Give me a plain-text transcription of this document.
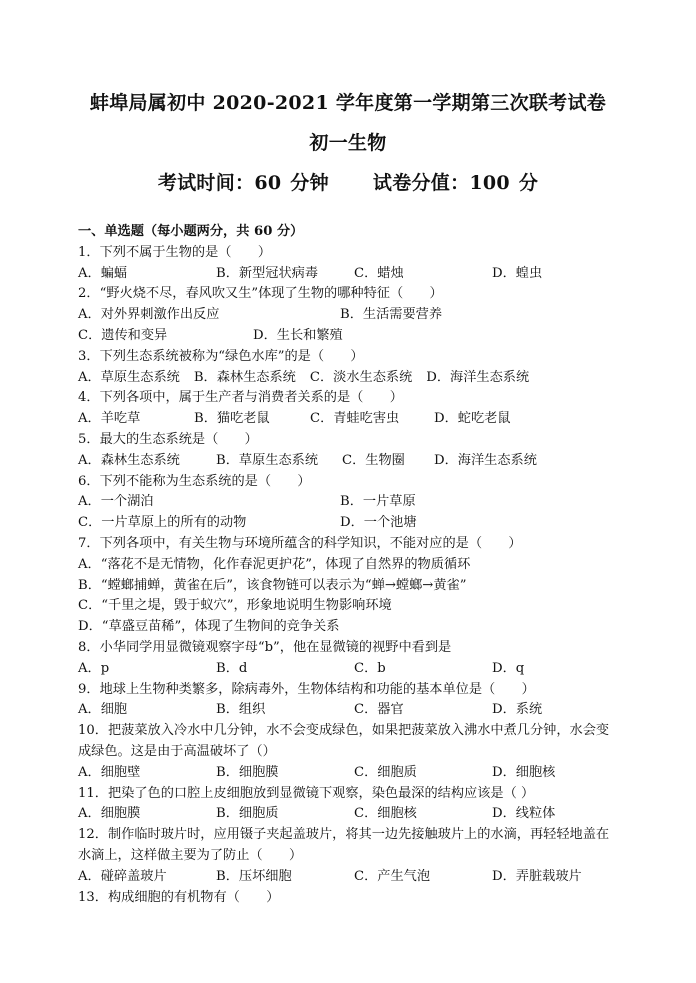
蚌埠局属初中 2020-2021 学年度第一学期第三次联考试卷
初一生物
考试时间：60 分钟 试卷分值：100 分
一、单选题（每小题两分，共 60 分）
1．下列不属于生物的是（　　）
A．蝙蝠	B．新型冠状病毒	C．蜡烛	D．蝗虫
2．“野火烧不尽，春风吹又生”体现了生物的哪种特征（　　）
A．对外界刺激作出反应	B．生活需要营养
C．遗传和变异	D．生长和繁殖
3．下列生态系统被称为“绿色水库”的是（　　）
A．草原生态系统	B．森林生态系统	C．淡水生态系统	D．海洋生态系统
4．下列各项中，属于生产者与消费者关系的是（　　）
A．羊吃草	B．猫吃老鼠	C．青蛙吃害虫	D．蛇吃老鼠
5．最大的生态系统是（　　）
A．森林生态系统	B．草原生态系统	C．生物圈	D．海洋生态系统
6．下列不能称为生态系统的是（　　）
A．一个湖泊	B．一片草原
C．一片草原上的所有的动物	D．一个池塘
7．下列各项中，有关生物与环境所蕴含的科学知识，不能对应的是（　　）
A．“落花不是无情物，化作春泥更护花”，体现了自然界的物质循环
B．“螳螂捕蝉，黄雀在后”，该食物链可以表示为“蝉→螳螂→黄雀”
C．“千里之堤，毁于蚁穴”，形象地说明生物影响环境
D．“草盛豆苗稀”，体现了生物间的竞争关系
8．小华同学用显微镜观察字母“b”，他在显微镜的视野中看到是
A．p	B．d	C．b	D．q
9．地球上生物种类繁多，除病毒外，生物体结构和功能的基本单位是（　　）
A．细胞	B．组织	C．器官	D．系统
10．把菠菜放入冷水中几分钟，水不会变成绿色，如果把菠菜放入沸水中煮几分钟，水会变成绿色。这是由于高温破坏了（）
A．细胞壁	B．细胞膜	C．细胞质	D．细胞核
11．把染了色的口腔上皮细胞放到显微镜下观察，染色最深的结构应该是（ ）
A．细胞膜	B．细胞质	C．细胞核	D．线粒体
12．制作临时玻片时，应用镊子夹起盖玻片，将其一边先接触玻片上的水滴，再轻轻地盖在水滴上，这样做主要为了防止（　　）
A．碰碎盖玻片	B．压坏细胞	C．产生气泡	D．弄脏载玻片
13．构成细胞的有机物有（　　）
